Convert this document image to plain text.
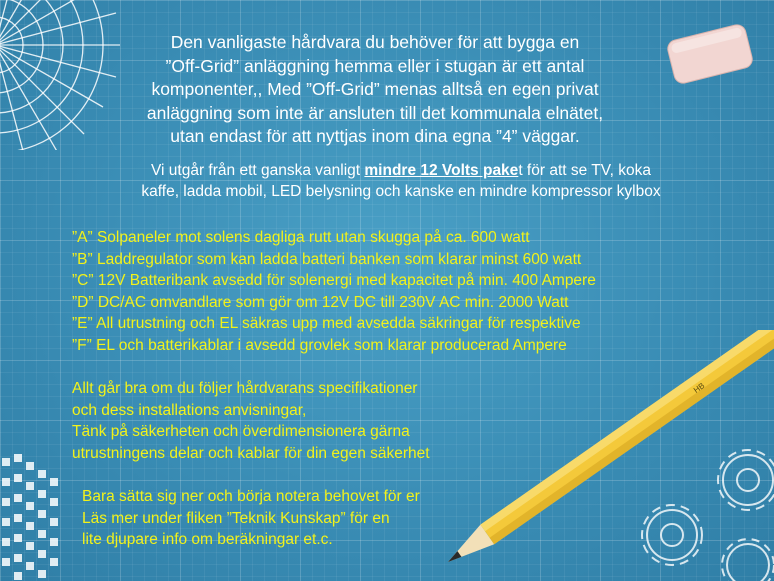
HB

Den vanligaste hårdvara du behöver för att bygga en
”Off-Grid” anläggning hemma eller i stugan är ett antal
komponenter,, Med ”Off-Grid” menas alltså en egen privat
anläggning som inte är ansluten till det kommunala elnätet,
utan endast för att nyttjas inom dina egna ”4” väggar.

Vi utgår från ett ganska vanligt mindre 12 Volts paket för att se TV, koka
kaffe, ladda mobil, LED belysning och kanske en mindre kompressor kylbox

”A” Solpaneler mot solens dagliga rutt utan skugga på ca. 600 watt
”B” Laddregulator som kan ladda batteri banken som klarar minst 600 watt
”C” 12V Batteribank avsedd för solenergi med kapacitet på min. 400 Ampere
”D” DC/AC omvandlare som gör om 12V DC till 230V AC min. 2000 Watt
”E” All utrustning och EL säkras upp med avsedda säkringar för respektive
”F” EL och batterikablar i avsedd grovlek som klarar producerad Ampere
Allt går bra om du följer hårdvarans specifikationer
och dess installations anvisningar,
Tänk på säkerheten och överdimensionera gärna
utrustningens delar och kablar för din egen säkerhet
Bara sätta sig ner och börja notera behovet för er
Läs mer under fliken ”Teknik Kunskap” för en
lite djupare info om beräkningar et.c.
